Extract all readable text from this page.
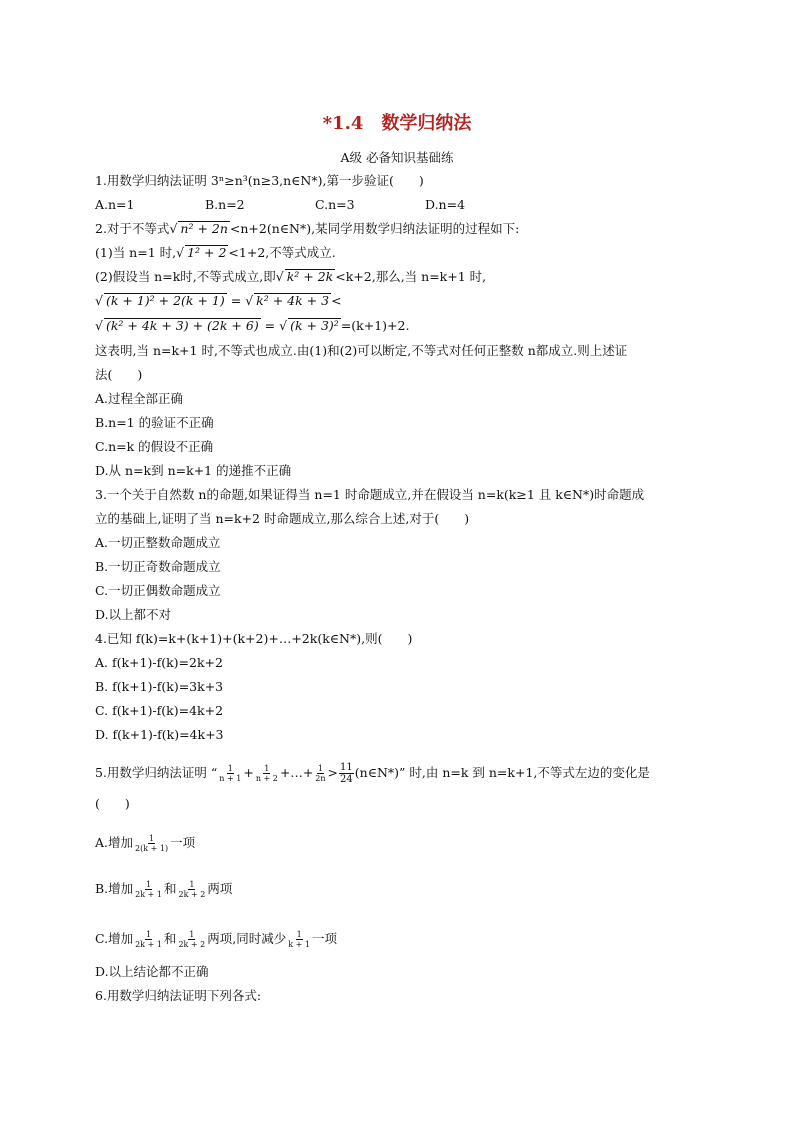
*1.4　数学归纳法
A级 必备知识基础练
1.用数学归纳法证明 3ⁿ≥n³(n≥3,n∈N*),第一步验证(　　)
A.n=1	B.n=2	C.n=3	D.n=4
2.对于不等式√ n² + 2n <n+2(n∈N*),某同学用数学归纳法证明的过程如下:
(1)当 n=1 时,√ 1² + 2 <1+2,不等式成立.
(2)假设当 n=k时,不等式成立,即√ k² + 2k <k+2,那么,当 n=k+1 时,
√ (k + 1)² + 2(k + 1) = √ k² + 4k + 3 <
√ (k² + 4k + 3) + (2k + 6) = √ (k + 3)² =(k+1)+2.
这表明,当 n=k+1 时,不等式也成立.由(1)和(2)可以断定,不等式对任何正整数 n都成立.则上述证
法(　　)
A.过程全部正确
B.n=1 的验证不正确
C.n=k 的假设不正确
D.从 n=k到 n=k+1 的递推不正确
3.一个关于自然数 n的命题,如果证得当 n=1 时命题成立,并在假设当 n=k(k≥1 且 k∈N*)时命题成
立的基础上,证明了当 n=k+2 时命题成立,那么综合上述,对于(　　)
A.一切正整数命题成立
B.一切正奇数命题成立
C.一切正偶数命题成立
D.以上都不对
4.已知 f(k)=k+(k+1)+(k+2)+…+2k(k∈N*),则(　　)
A. f(k+1)-f(k)=2k+2
B. f(k+1)-f(k)=3k+3
C. f(k+1)-f(k)=4k+2
D. f(k+1)-f(k)=4k+3
5.用数学归纳法证明 “ $\frac{1}{n + 1} + \frac{1}{n + 2}$ +…+ $\frac{1}{2n} > \frac{11}{24}$ (n∈N*)” 时,由 n=k 到 n=k+1,不等式左边的变化是
(　　)
A.增加 $\frac{1}{2(k + 1)}$ 一项
B.增加 $\frac{1}{2k + 1}$ 和 $\frac{1}{2k + 2}$ 两项
C.增加 $\frac{1}{2k + 1}$ 和 $\frac{1}{2k + 2}$ 两项,同时减少 $\frac{1}{k + 1}$ 一项
D.以上结论都不正确
6.用数学归纳法证明下列各式:
